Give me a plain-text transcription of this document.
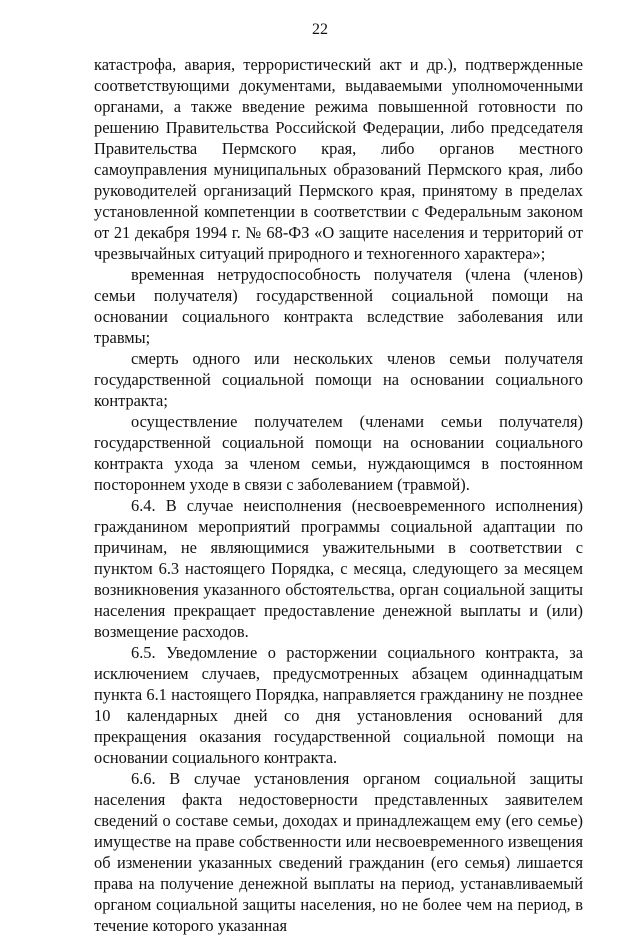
22

катастрофа, авария, террористический акт и др.), подтвержденные соответствующими документами, выдаваемыми уполномоченными органами, а также введение режима повышенной готовности по решению Правительства Российской Федерации, либо председателя Правительства Пермского края, либо органов местного самоуправления муниципальных образований Пермского края, либо руководителей организаций Пермского края, принятому в пределах установленной компетенции в соответствии с Федеральным законом от 21 декабря 1994 г. № 68-ФЗ «О защите населения и территорий от чрезвычайных ситуаций природного и техногенного характера»;

временная нетрудоспособность получателя (члена (членов) семьи получателя) государственной социальной помощи на основании социального контракта вследствие заболевания или травмы;

смерть одного или нескольких членов семьи получателя государственной социальной помощи на основании социального контракта;

осуществление получателем (членами семьи получателя) государственной социальной помощи на основании социального контракта ухода за членом семьи, нуждающимся в постоянном постороннем уходе в связи с заболеванием (травмой).

6.4. В случае неисполнения (несвоевременного исполнения) гражданином мероприятий программы социальной адаптации по причинам, не являющимися уважительными в соответствии с пунктом 6.3 настоящего Порядка, с месяца, следующего за месяцем возникновения указанного обстоятельства, орган социальной защиты населения прекращает предоставление денежной выплаты и (или) возмещение расходов.

6.5. Уведомление о расторжении социального контракта, за исключением случаев, предусмотренных абзацем одиннадцатым пункта 6.1 настоящего Порядка, направляется гражданину не позднее 10 календарных дней со дня установления оснований для прекращения оказания государственной социальной помощи на основании социального контракта.

6.6. В случае установления органом социальной защиты населения факта недостоверности представленных заявителем сведений о составе семьи, доходах и принадлежащем ему (его семье) имуществе на праве собственности или несвоевременного извещения об изменении указанных сведений гражданин (его семья) лишается права на получение денежной выплаты на период, устанавливаемый органом социальной защиты населения, но не более чем на период, в течение которого указанная
